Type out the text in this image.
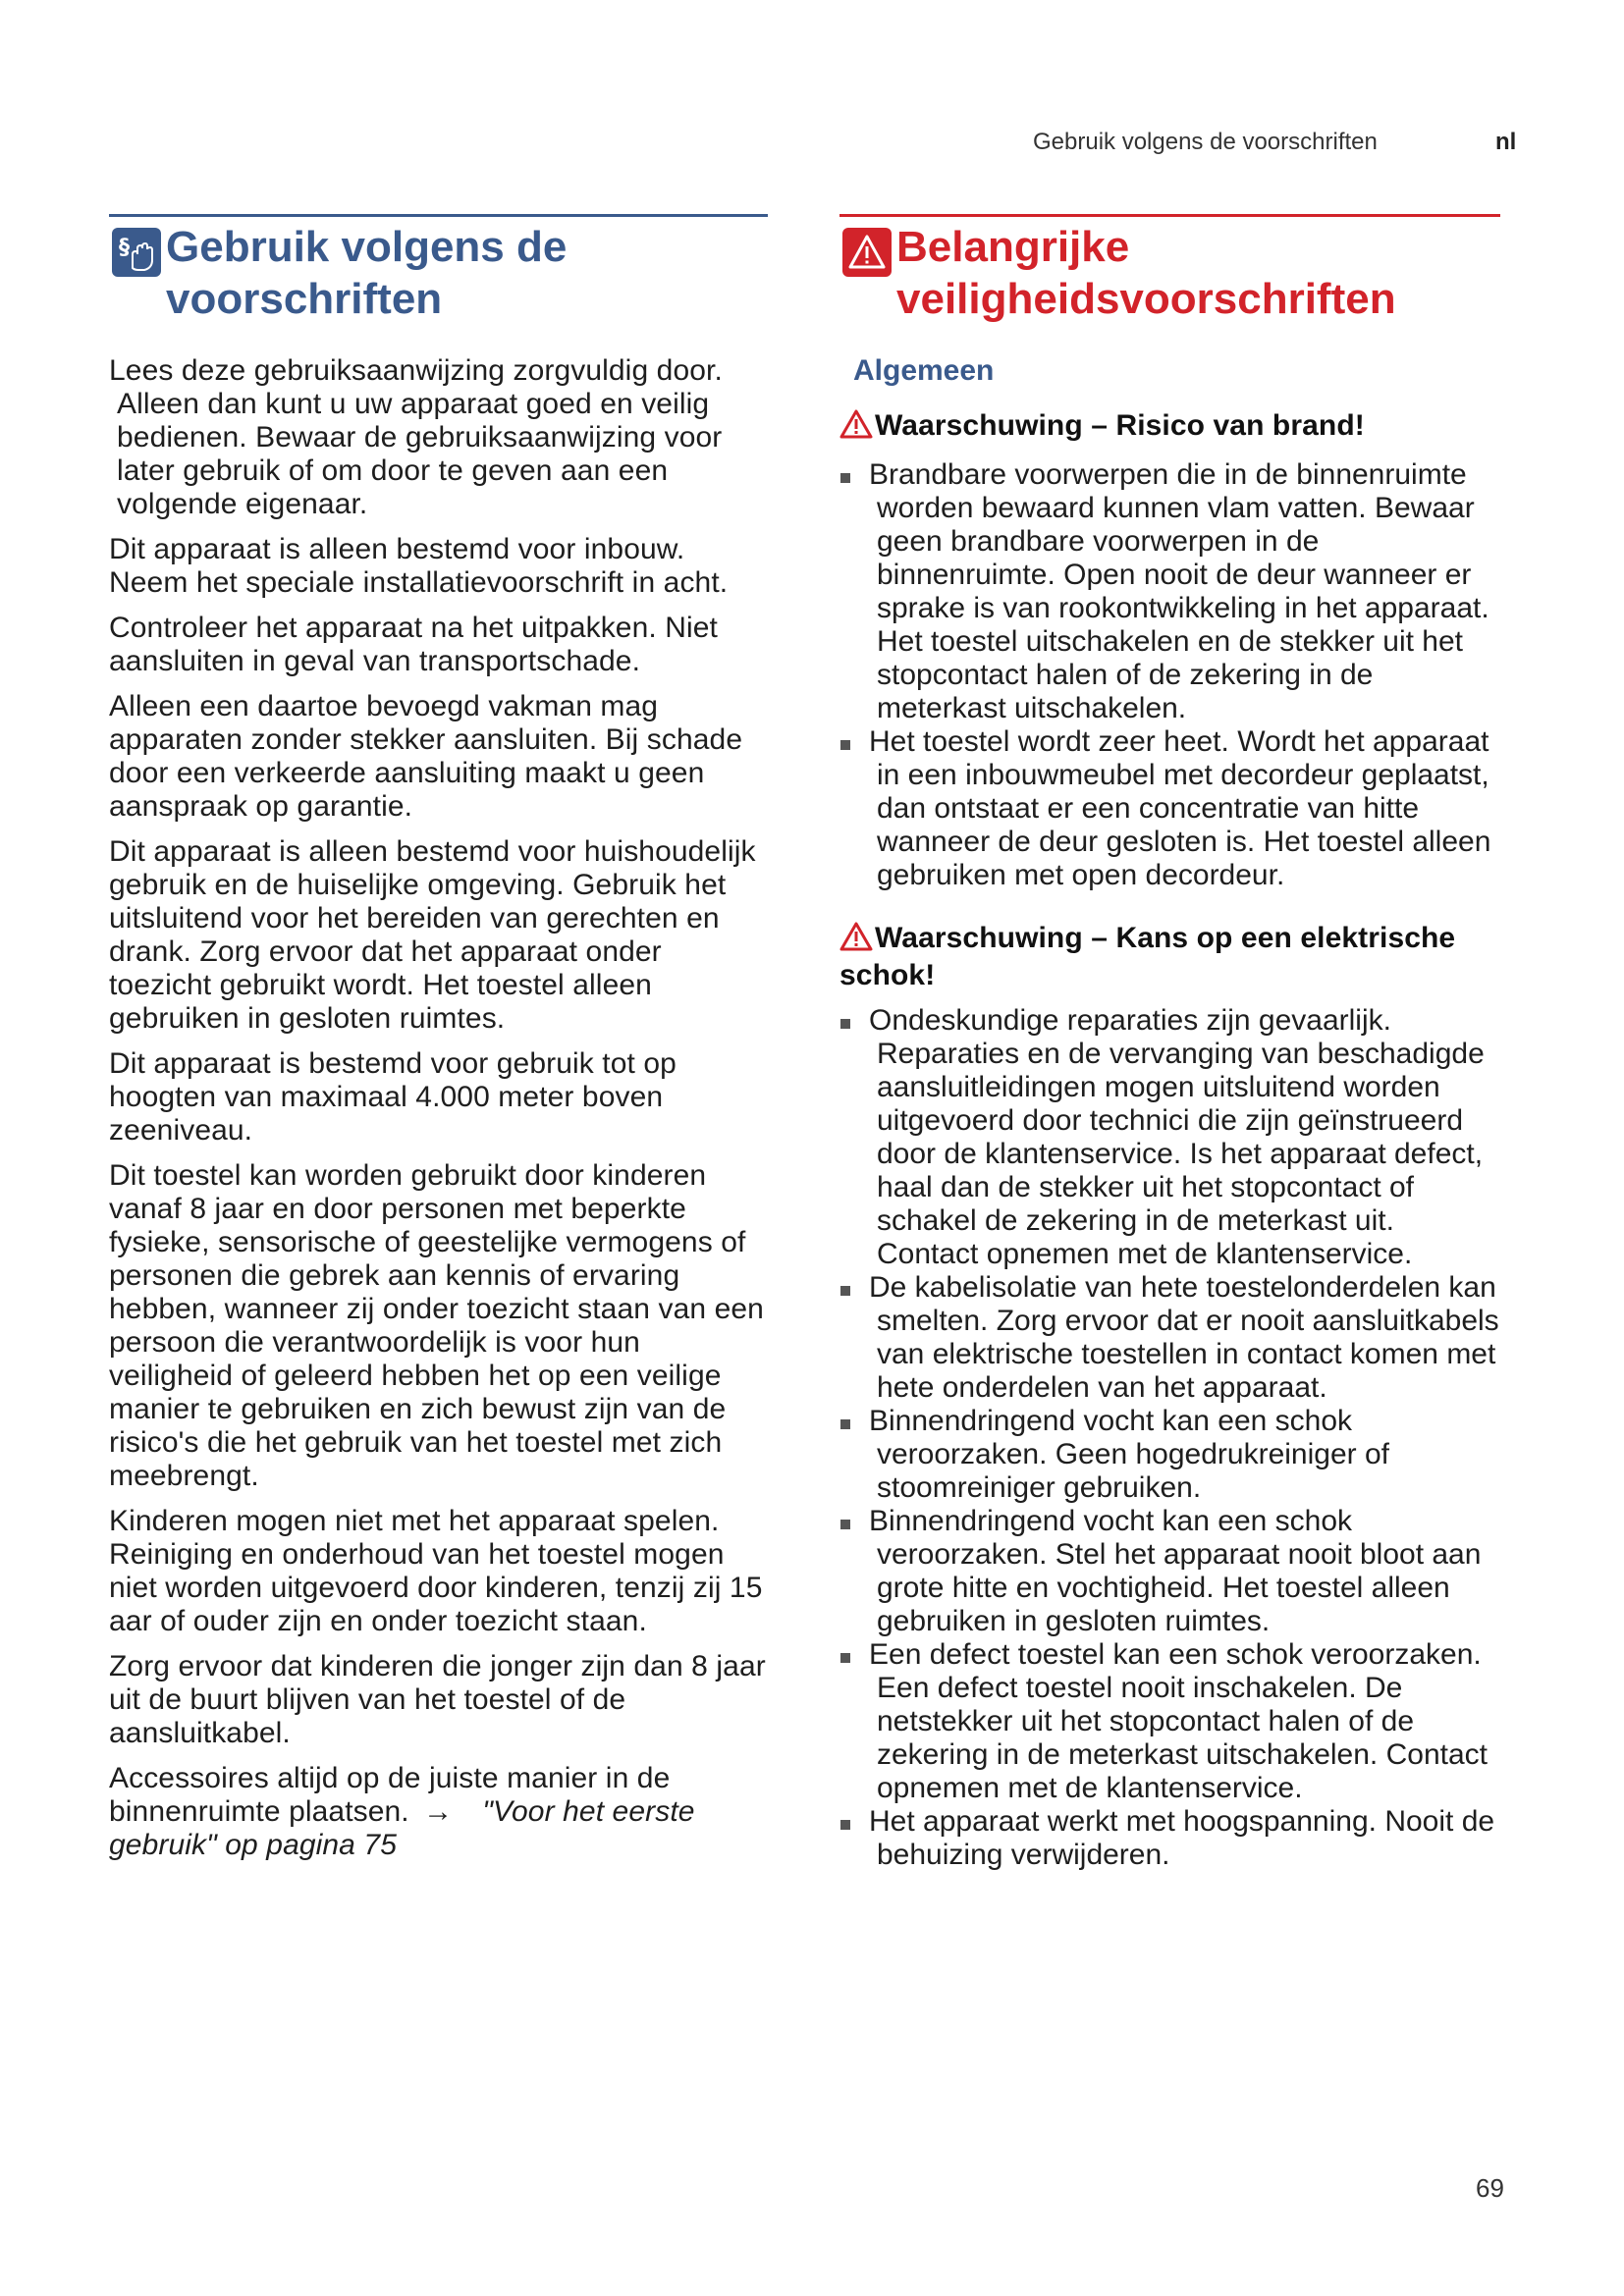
Gebruik volgens de voorschriften	nl
§ Gebruik volgens de
voorschriften

Lees deze gebruiksaanwijzing zorgvuldig door. Alleen dan kunt u uw apparaat goed en veilig bedienen. Bewaar de gebruiksaanwijzing voor later gebruik of om door te geven aan een volgende eigenaar.

Dit apparaat is alleen bestemd voor inbouw. Neem het speciale installatievoorschrift in acht.

Controleer het apparaat na het uitpakken. Niet aansluiten in geval van transportschade.

Alleen een daartoe bevoegd vakman mag apparaten zonder stekker aansluiten. Bij schade door een verkeerde aansluiting maakt u geen aanspraak op garantie.

Dit apparaat is alleen bestemd voor huishoudelijk gebruik en de huiselijke omgeving. Gebruik het uitsluitend voor het bereiden van gerechten en drank. Zorg ervoor dat het apparaat onder toezicht gebruikt wordt. Het toestel alleen gebruiken in gesloten ruimtes.

Dit apparaat is bestemd voor gebruik tot op hoogten van maximaal 4.000 meter boven zeeniveau.

Dit toestel kan worden gebruikt door kinderen vanaf 8 jaar en door personen met beperkte fysieke, sensorische of geestelijke vermogens of personen die gebrek aan kennis of ervaring hebben, wanneer zij onder toezicht staan van een persoon die verantwoordelijk is voor hun veiligheid of geleerd hebben het op een veilige manier te gebruiken en zich bewust zijn van de risico's die het gebruik van het toestel met zich meebrengt.

Kinderen mogen niet met het apparaat spelen. Reiniging en onderhoud van het toestel mogen niet worden uitgevoerd door kinderen, tenzij zij 15 aar of ouder zijn en onder toezicht staan.

Zorg ervoor dat kinderen die jonger zijn dan 8 jaar uit de buurt blijven van het toestel of de aansluitkabel.

Accessoires altijd op de juiste manier in de binnenruimte plaatsen. → "Voor het eerste gebruik" op pagina 75

Belangrijke
veiligheidsvoorschriften
Algemeen

Waarschuwing – Risico van brand!

Brandbare voorwerpen die in de binnenruimte worden bewaard kunnen vlam vatten. Bewaar geen brandbare voorwerpen in de binnenruimte. Open nooit de deur wanneer er sprake is van rookontwikkeling in het apparaat. Het toestel uitschakelen en de stekker uit het stopcontact halen of de zekering in de meterkast uitschakelen.
Het toestel wordt zeer heet. Wordt het apparaat in een inbouwmeubel met decordeur geplaatst, dan ontstaat er een concentratie van hitte wanneer de deur gesloten is. Het toestel alleen gebruiken met open decordeur.

Waarschuwing – Kans op een elektrische schok!

Ondeskundige reparaties zijn gevaarlijk. Reparaties en de vervanging van beschadigde aansluitleidingen mogen uitsluitend worden uitgevoerd door technici die zijn geïnstrueerd door de klantenservice. Is het apparaat defect, haal dan de stekker uit het stopcontact of schakel de zekering in de meterkast uit. Contact opnemen met de klantenservice.
De kabelisolatie van hete toestelonderdelen kan smelten. Zorg ervoor dat er nooit aansluitkabels van elektrische toestellen in contact komen met hete onderdelen van het apparaat.
Binnendringend vocht kan een schok veroorzaken. Geen hogedrukreiniger of stoomreiniger gebruiken.
Binnendringend vocht kan een schok veroorzaken. Stel het apparaat nooit bloot aan grote hitte en vochtigheid. Het toestel alleen gebruiken in gesloten ruimtes.
Een defect toestel kan een schok veroorzaken. Een defect toestel nooit inschakelen. De netstekker uit het stopcontact halen of de zekering in de meterkast uitschakelen. Contact opnemen met de klantenservice.
Het apparaat werkt met hoogspanning. Nooit de behuizing verwijderen.
69
